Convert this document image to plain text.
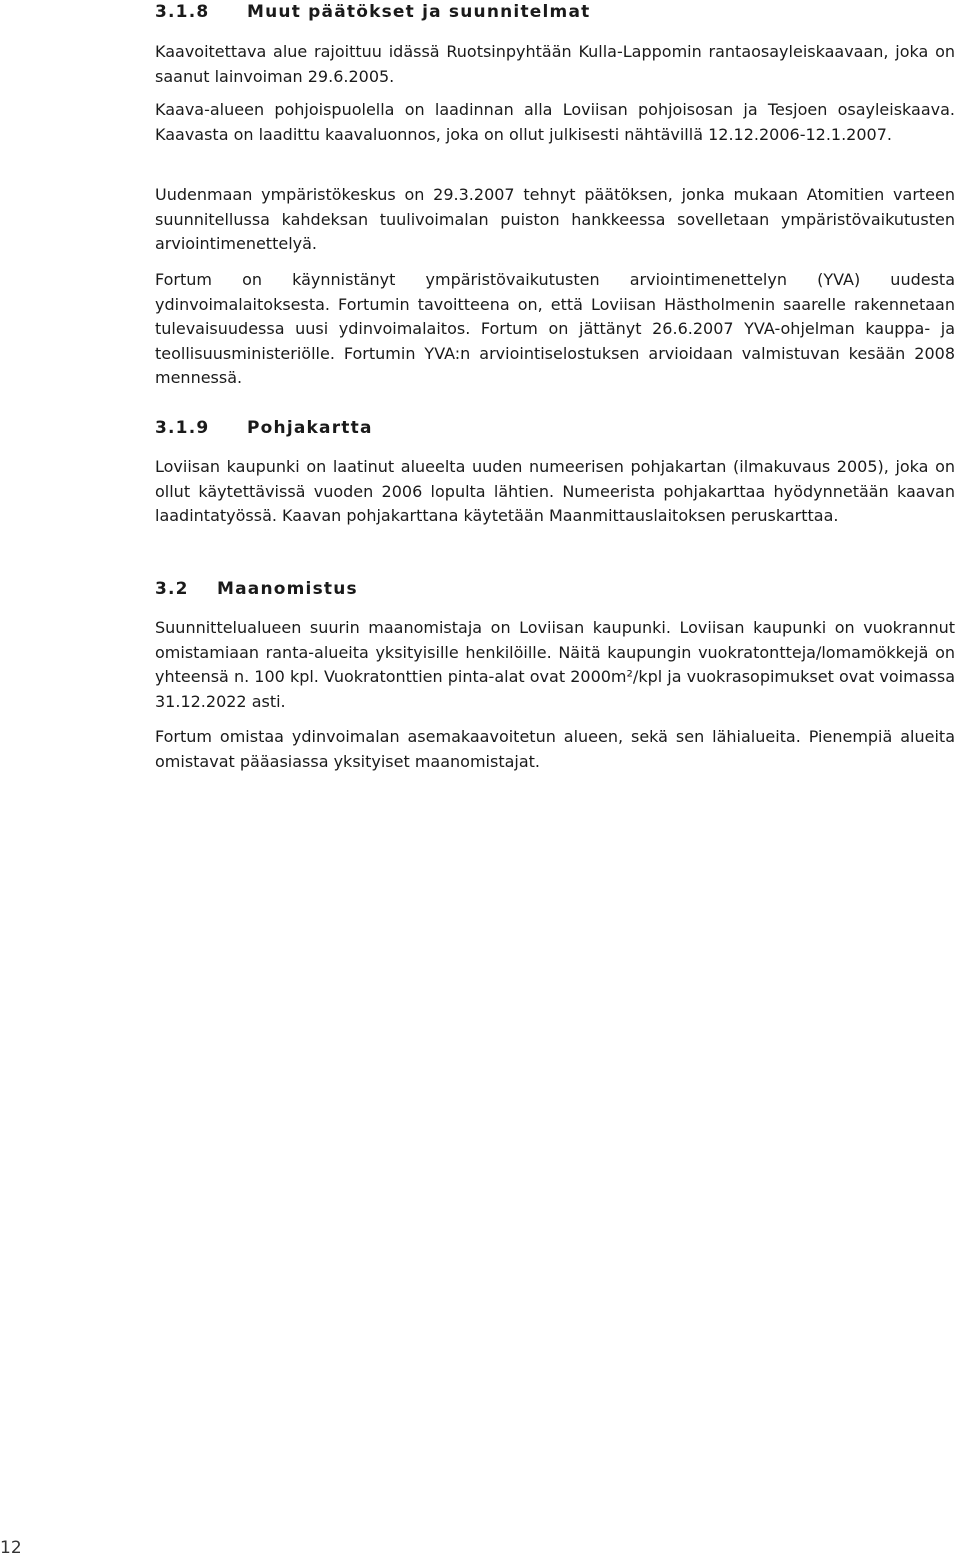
3.1.8 Muut päätökset ja suunnitelmat

Kaavoitettava alue rajoittuu idässä Ruotsinpyhtään Kulla-Lappomin rantaosayleiskaavaan, joka on saanut lainvoiman 29.6.2005.

Kaava-alueen pohjoispuolella on laadinnan alla Loviisan pohjoisosan ja Tesjoen osayleiskaava. Kaavasta on laadittu kaavaluonnos, joka on ollut julkisesti nähtävillä 12.12.2006-12.1.2007.

Uudenmaan ympäristökeskus on 29.3.2007 tehnyt päätöksen, jonka mukaan Atomitien varteen suunnitellussa kahdeksan tuulivoimalan puiston hankkeessa sovelletaan ympäristövaikutusten arviointimenettelyä.

Fortum on käynnistänyt ympäristövaikutusten arviointimenettelyn (YVA) uudesta ydinvoimalaitoksesta. Fortumin tavoitteena on, että Loviisan Hästholmenin saarelle rakennetaan tulevaisuudessa uusi ydinvoimalaitos. Fortum on jättänyt 26.6.2007 YVA-ohjelman kauppa- ja teollisuusministeriölle. Fortumin YVA:n arviointiselostuksen arvioidaan valmistuvan kesään 2008 mennessä.

3.1.9 Pohjakartta

Loviisan kaupunki on laatinut alueelta uuden numeerisen pohjakartan (ilmakuvaus 2005), joka on ollut käytettävissä vuoden 2006 lopulta lähtien. Numeerista pohjakarttaa hyödynnetään kaavan laadintatyössä. Kaavan pohjakarttana käytetään Maanmittauslaitoksen peruskarttaa.

3.2 Maanomistus

Suunnittelualueen suurin maanomistaja on Loviisan kaupunki. Loviisan kaupunki on vuokrannut omistamiaan ranta-alueita yksityisille henkilöille. Näitä kaupungin vuokratontteja/lomamökkejä on yhteensä n. 100 kpl. Vuokratonttien pinta-alat ovat 2000m²/kpl ja vuokrasopimukset ovat voimassa 31.12.2022 asti.

Fortum omistaa ydinvoimalan asemakaavoitetun alueen, sekä sen lähialueita. Pienempiä alueita omistavat pääasiassa yksityiset maanomistajat.

12
